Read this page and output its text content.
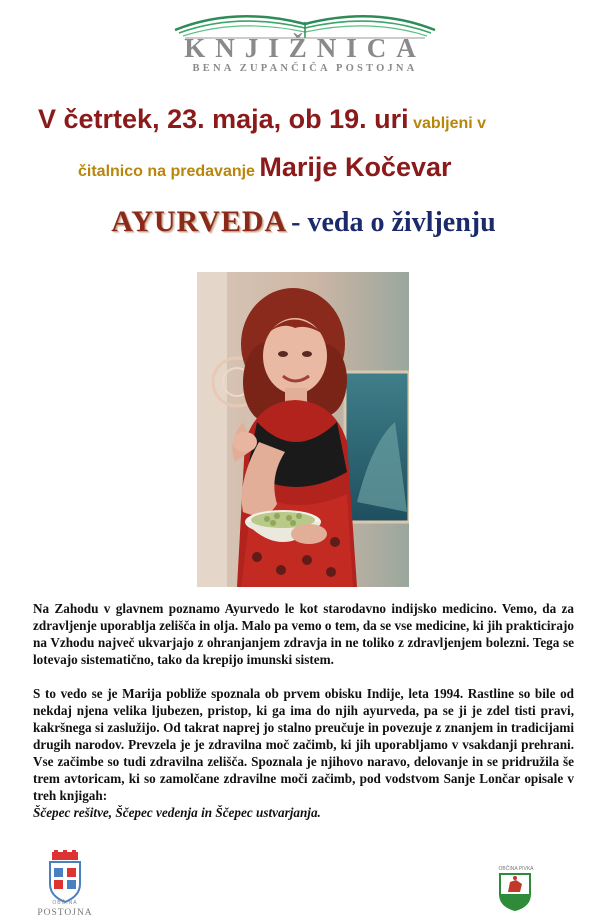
KNJIŽNICA
BENA ZUPANČIČA POSTOJNA
V četrtek, 23. maja, ob 19. uri vabljeni v
čitalnico na predavanje Marije Kočevar
AYURVEDA - veda o življenju

Na Zahodu v glavnem poznamo Ayurvedo le kot starodavno indijsko medicino. Vemo, da za zdravljenje uporablja zelišča in olja. Malo pa vemo o tem, da se vse medicine, ki jih prakticirajo na Vzhodu največ ukvarjajo z ohranjanjem zdravja in ne toliko z zdravljenjem bolezni. Tega se lotevajo sistematično, tako da krepijo imunski sistem.

S to vedo se je Marija pobliže spoznala ob prvem obisku Indije, leta 1994. Rastline so bile od nekdaj njena velika ljubezen, pristop, ki ga ima do njih ayurveda, pa se ji je zdel tisti pravi, kakršnega si zaslužijo. Od takrat naprej jo stalno preučuje in povezuje z znanjem in tradicijami drugih narodov. Prevzela je je zdravilna moč začimb, ki jih uporabljamo v vsakdanji prehrani. Vse začimbe so tudi zdravilna zelišča. Spoznala je njihovo naravo, delovanje in se pridružila še trem avtoricam, ki so zamolčane zdravilne moči začimb, pod vodstvom Sanje Lončar opisale v treh knjigah:
Ščepec rešitve, Ščepec vedenja in Ščepec ustvarjanja.

OBČINA
POSTOJNA
OBČINA PIVKA
